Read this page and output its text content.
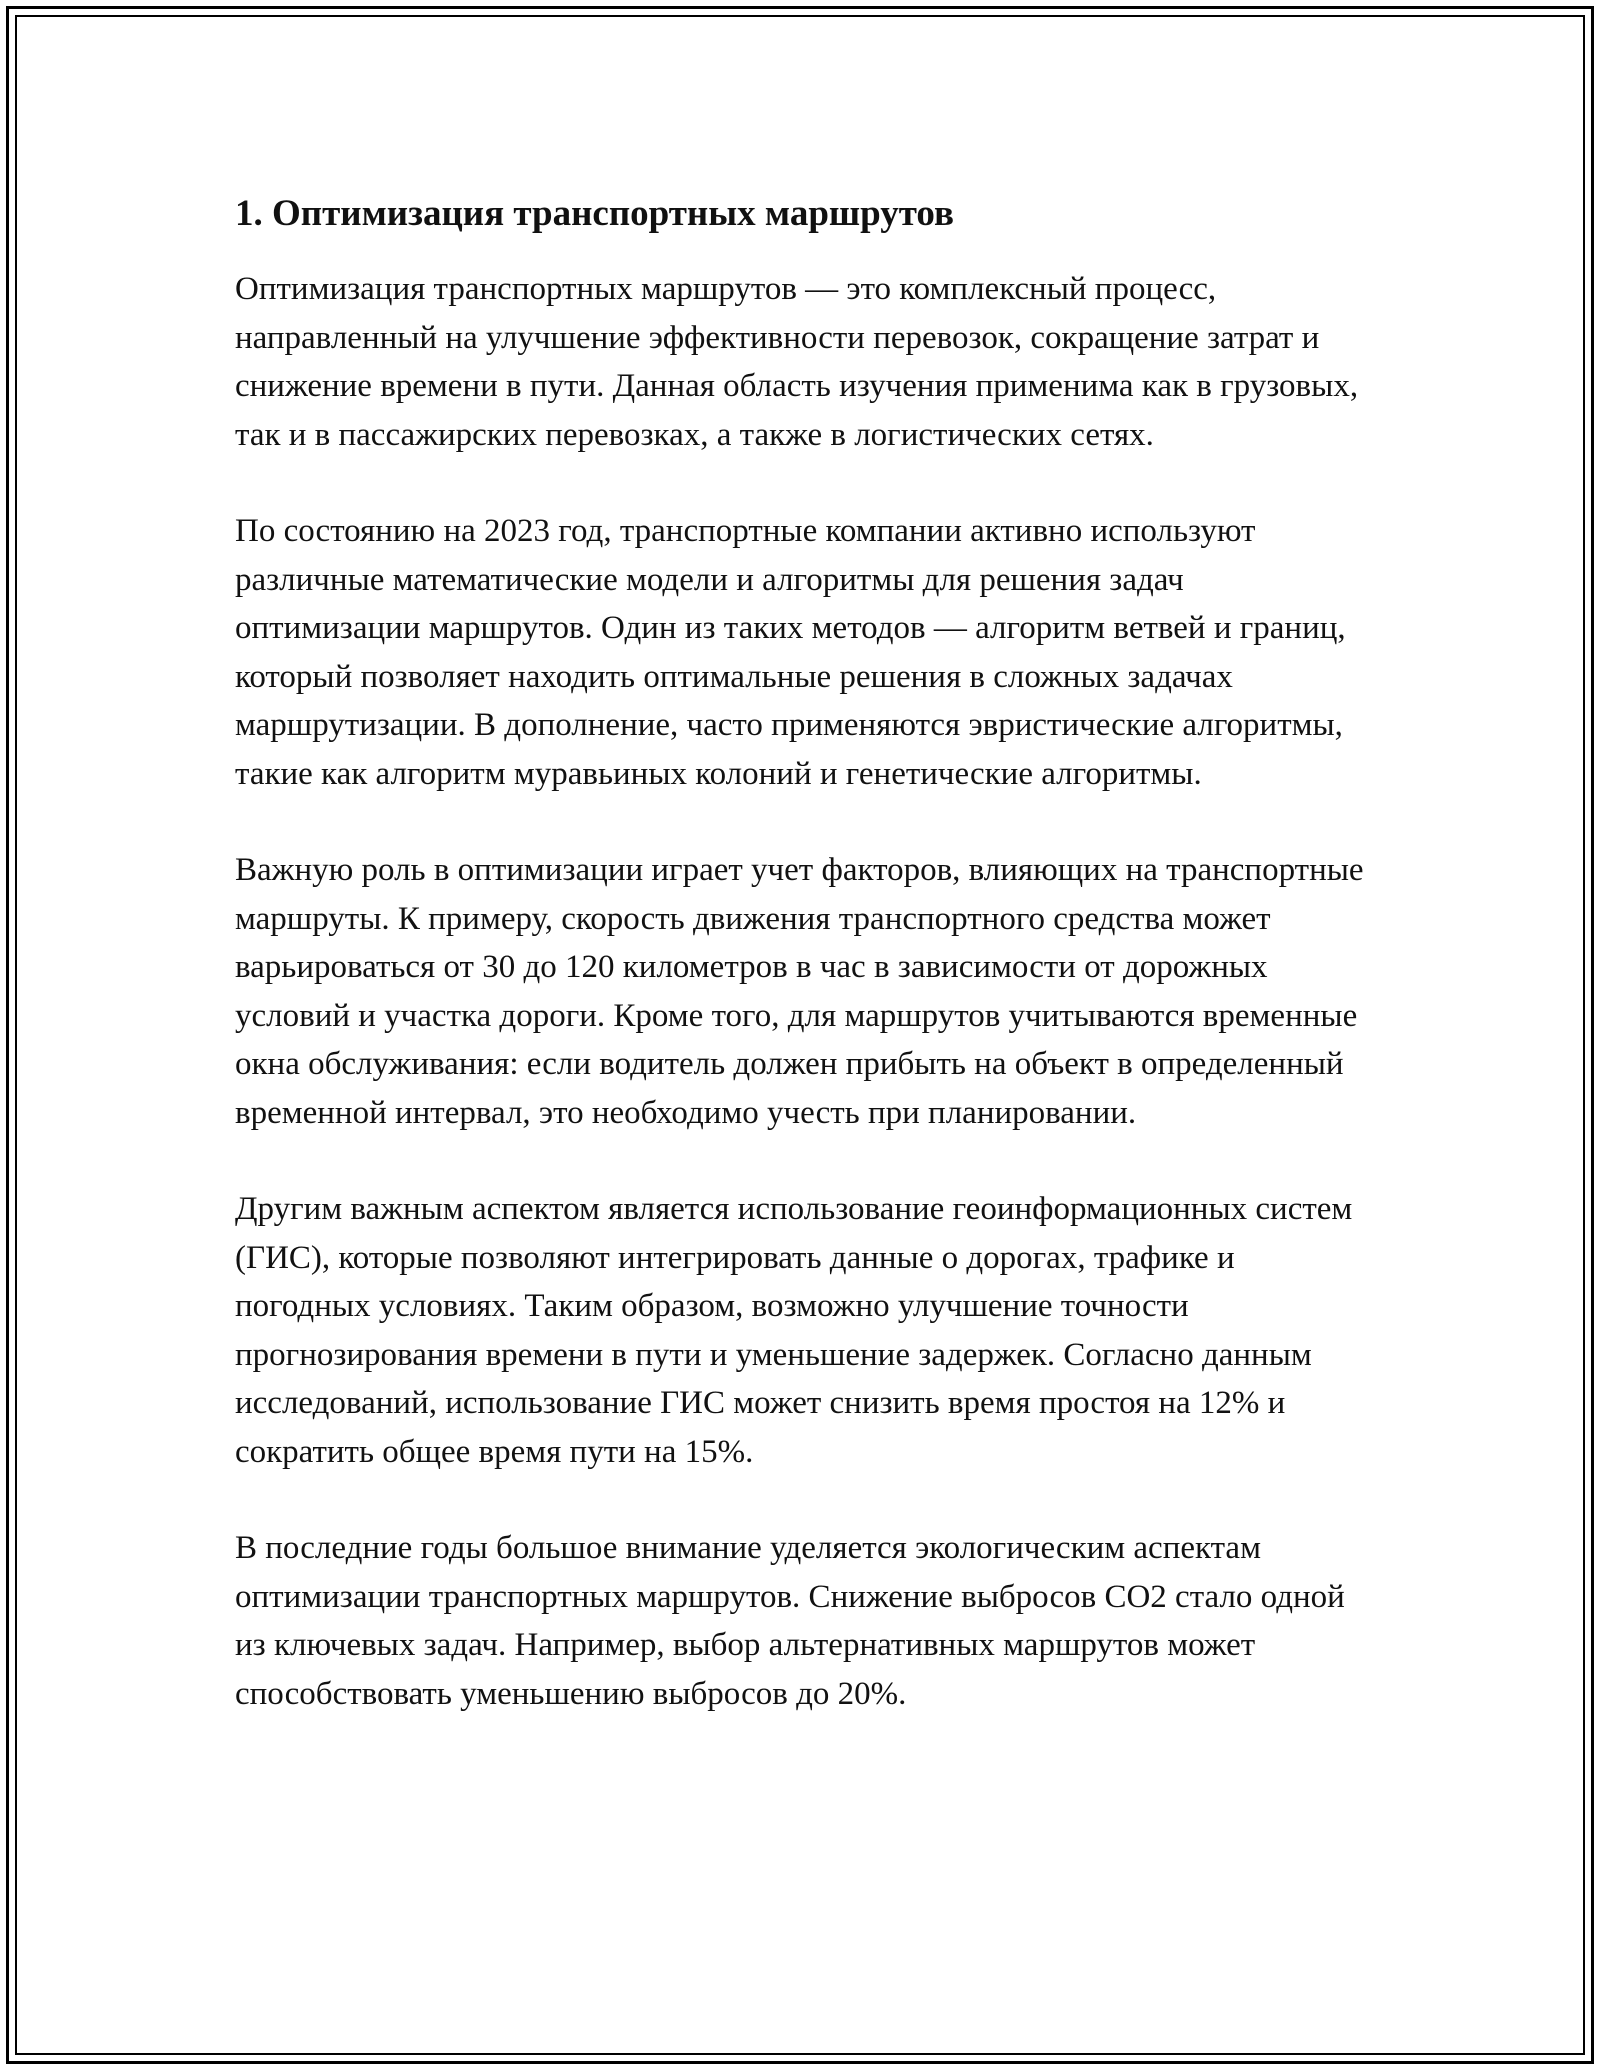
1. Оптимизация транспортных маршрутов

Оптимизация транспортных маршрутов — это комплексный процесс, направленный на улучшение эффективности перевозок, сокращение затрат и снижение времени в пути. Данная область изучения применима как в грузовых, так и в пассажирских перевозках, а также в логистических сетях.

По состоянию на 2023 год, транспортные компании активно используют различные математические модели и алгоритмы для решения задач оптимизации маршрутов. Один из таких методов — алгоритм ветвей и границ, который позволяет находить оптимальные решения в сложных задачах маршрутизации. В дополнение, часто применяются эвристические алгоритмы, такие как алгоритм муравьиных колоний и генетические алгоритмы.

Важную роль в оптимизации играет учет факторов, влияющих на транспортные маршруты. К примеру, скорость движения транспортного средства может варьироваться от 30 до 120 километров в час в зависимости от дорожных условий и участка дороги. Кроме того, для маршрутов учитываются временные окна обслуживания: если водитель должен прибыть на объект в определенный временной интервал, это необходимо учесть при планировании.

Другим важным аспектом является использование геоинформационных систем (ГИС), которые позволяют интегрировать данные о дорогах, трафике и погодных условиях. Таким образом, возможно улучшение точности прогнозирования времени в пути и уменьшение задержек. Согласно данным исследований, использование ГИС может снизить время простоя на 12% и сократить общее время пути на 15%.

В последние годы большое внимание уделяется экологическим аспектам оптимизации транспортных маршрутов. Снижение выбросов CO2 стало одной из ключевых задач. Например, выбор альтернативных маршрутов может способствовать уменьшению выбросов до 20%.
